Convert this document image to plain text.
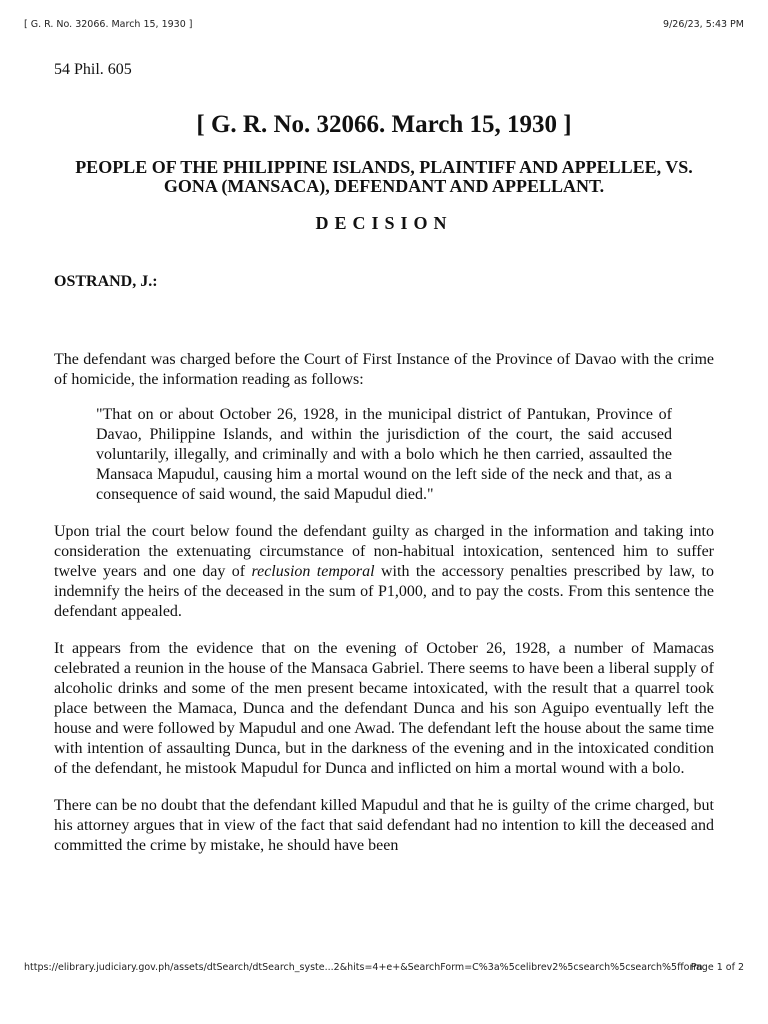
[ G. R. No. 32066. March 15, 1930 ]	9/26/23, 5:43 PM

54 Phil. 605

[ G. R. No. 32066. March 15, 1930 ]
PEOPLE OF THE PHILIPPINE ISLANDS, PLAINTIFF AND APPELLEE, VS. GONA (MANSACA), DEFENDANT AND APPELLANT.
DECISION

OSTRAND, J.:

The defendant was charged before the Court of First Instance of the Province of Davao with the crime of homicide, the information reading as follows:

"That on or about October 26, 1928, in the municipal district of Pantukan, Province of Davao, Philippine Islands, and within the jurisdiction of the court, the said accused voluntarily, illegally, and criminally and with a bolo which he then carried, assaulted the Mansaca Mapudul, causing him a mortal wound on the left side of the neck and that, as a consequence of said wound, the said Mapudul died."

Upon trial the court below found the defendant guilty as charged in the information and taking into consideration the extenuating circumstance of non-habitual intoxication, sentenced him to suffer twelve years and one day of reclusion temporal with the accessory penalties prescribed by law, to indemnify the heirs of the deceased in the sum of P1,000, and to pay the costs. From this sentence the defendant appealed.

It appears from the evidence that on the evening of October 26, 1928, a number of Mamacas celebrated a reunion in the house of the Mansaca Gabriel. There seems to have been a liberal supply of alcoholic drinks and some of the men present became intoxicated, with the result that a quarrel took place between the Mamaca, Dunca and the defendant Dunca and his son Aguipo eventually left the house and were followed by Mapudul and one Awad. The defendant left the house about the same time with intention of assaulting Dunca, but in the darkness of the evening and in the intoxicated condition of the defendant, he mistook Mapudul for Dunca and inflicted on him a mortal wound with a bolo.

There can be no doubt that the defendant killed Mapudul and that he is guilty of the crime charged, but his attorney argues that in view of the fact that said defendant had no intention to kill the deceased and committed the crime by mistake, he should have been

https://elibrary.judiciary.gov.ph/assets/dtSearch/dtSearch_syste...2&hits=4+e+&SearchForm=C%3a%5celibrev2%5csearch%5csearch%5fform
Page 1 of 2
